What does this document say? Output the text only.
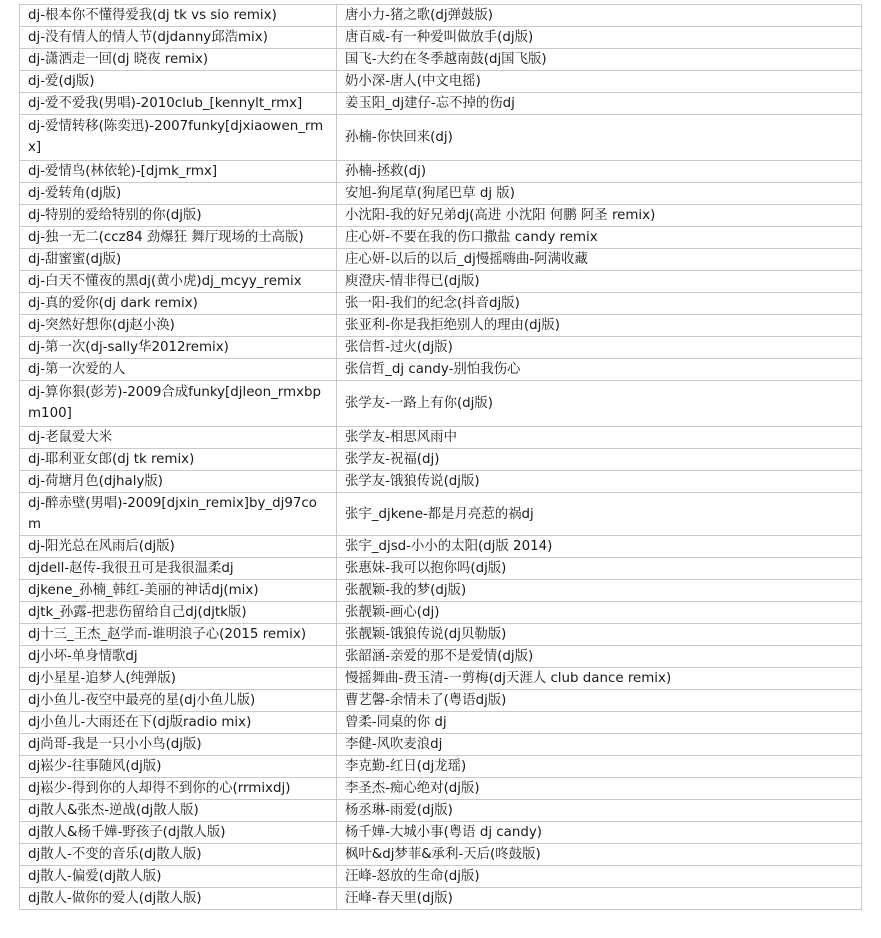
dj-根本你不懂得爱我(dj tk vs sio remix)	唐小力-猪之歌(dj弹鼓版)
dj-没有情人的情人节(djdanny邱浩mix)	唐百威-有一种爱叫做放手(dj版)
dj-潇洒走一回(dj 晓夜 remix)	国飞-大约在冬季越南鼓(dj国飞版)
dj-爱(dj版)	奶小深-唐人(中文电摇)
dj-爱不爱我(男唱)-2010club_[kennylt_rmx]	姜玉阳_dj建仔-忘不掉的伤dj
dj-爱情转移(陈奕迅)-2007funky[djxiaowen_rmx]	孙楠-你快回来(dj)
dj-爱情鸟(林依轮)-[djmk_rmx]	孙楠-拯救(dj)
dj-爱转角(dj版)	安旭-狗尾草(狗尾巴草 dj 版)
dj-特别的爱给特别的你(dj版)	小沈阳-我的好兄弟dj(高进 小沈阳 何鹏 阿圣 remix)
dj-独一无二(ccz84 劲爆狂 舞厅现场的士高版)	庄心妍-不要在我的伤口撒盐 candy remix
dj-甜蜜蜜(dj版)	庄心妍-以后的以后_dj慢摇嗨曲-阿满收藏
dj-白天不懂夜的黑dj(黄小虎)dj_mcyy_remix	庾澄庆-情非得已(dj版)
dj-真的爱你(dj dark remix)	张一阳-我们的纪念(抖音dj版)
dj-突然好想你(dj赵小涣)	张亚利-你是我拒绝别人的理由(dj版)
dj-第一次(dj-sally华2012remix)	张信哲-过火(dj版)
dj-第一次爱的人	张信哲_dj candy-别怕我伤心
dj-算你狠(彭芳)-2009合成funky[djleon_rmxbpm100]	张学友-一路上有你(dj版)
dj-老鼠爱大米	张学友-相思风雨中
dj-耶利亚女郎(dj tk remix)	张学友-祝福(dj)
dj-荷塘月色(djhaly版)	张学友-饿狼传说(dj版)
dj-醉赤壁(男唱)-2009[djxin_remix]by_dj97com	张宇_djkene-都是月亮惹的祸dj
dj-阳光总在风雨后(dj版)	张宇_djsd-小小的太阳(dj版 2014)
djdell-赵传-我很丑可是我很温柔dj	张惠妹-我可以抱你吗(dj版)
djkene_孙楠_韩红-美丽的神话dj(mix)	张靓颖-我的梦(dj版)
djtk_孙露-把悲伤留给自己dj(djtk版)	张靓颖-画心(dj)
dj十三_王杰_赵学而-谁明浪子心(2015 remix)	张靓颖-饿狼传说(dj贝勒版)
dj小坏-单身情歌dj	张韶涵-亲爱的那不是爱情(dj版)
dj小星星-追梦人(纯弹版)	慢摇舞曲-费玉清-一剪梅(dj天涯人 club dance remix)
dj小鱼儿-夜空中最亮的星(dj小鱼儿版)	曹艺馨-余情未了(粤语dj版)
dj小鱼儿-大雨还在下(dj版radio mix)	曾柔-同桌的你 dj
dj尚哥-我是一只小小鸟(dj版)	李健-风吹麦浪dj
dj崧少-往事随风(dj版)	李克勤-红日(dj龙瑶)
dj崧少-得到你的人却得不到你的心(rrmixdj)	李圣杰-痴心绝对(dj版)
dj散人&张杰-逆战(dj散人版)	杨丞琳-雨爱(dj版)
dj散人&杨千嬅-野孩子(dj散人版)	杨千嬅-大城小事(粤语 dj candy)
dj散人-不变的音乐(dj散人版)	枫叶&dj梦菲&承利-天后(咚鼓版)
dj散人-偏爱(dj散人版)	汪峰-怒放的生命(dj版)
dj散人-做你的爱人(dj散人版)	汪峰-春天里(dj版)
